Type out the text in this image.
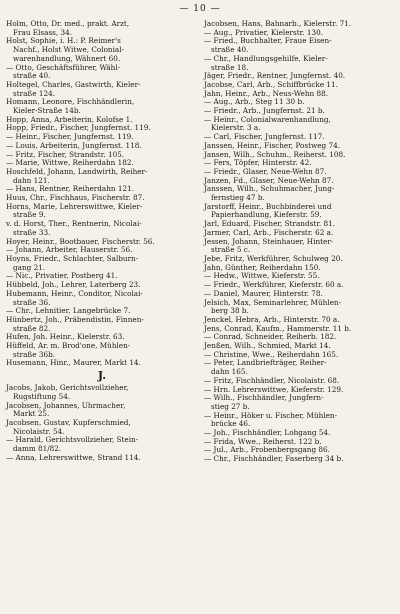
— 10 —
Holm, Otto, Dr. med., prakt. Arzt,
Frau Elsass, 34.
Holst, Sophie, i. H.: P. Reimer's
Nachf., Holst Witwe, Colonial-
warenhandlung, Wähnert 60.
— Otto, Geschäftsführer, Wähl-
straße 40.
Holtegel, Charles, Gastwirth, Kieler-
straße 124.
Homann, Leonore, Fischhändlerin,
Kieler-Straße 14b.
Hopp, Anna, Arbeiterin, Kolofse 1.
Hopp, Friedr., Fischer, Jungfernst. 119.
— Heinr., Fischer, Jungfernst. 119.
— Louis, Arbeiterin, Jungfernst. 118.
— Fritz, Fischer, Strandstr. 105.
— Marie, Wittwe, Reiherdahn 182.
Hoschfeld, Johann, Landwirth, Reiher-
dahn 121.
— Hans, Rentner, Reiherdahn 121.
Huus, Chr., Fischhaus, Fischerstr. 87.
Horns, Marie, Lehrerswittwe, Kieler-
straße 9.
v. d. Horst, Ther., Rentnerin, Nicolai-
straße 33.
Hoyer, Heinr., Bootbauer, Fischerstr. 56.
— Johann, Arbeiter, Hauserstr. 56.
Hoyns, Friedr., Schlachter, Salburn-
gang 21.
— Nic., Privatier, Postberg 41.
Hübbeld, Joh., Lehrer, Laterberg 23.
Hubemann, Heinr., Conditor, Nicolai-
straße 36.
— Chr., Lehnitier, Langebrücke 7.
Hünbertz, Joh., Präbendistin, Finnen-
straße 82.
Hufen, Joh. Heinr., Kielerstr. 63.
Hüffeld, Ar. m. Brod'one, Mühlen-
straße 36b.
Husemann, Hinr., Maurer, Markt 14.
J.
Jacobs, Jakob, Gerichtsvollzieher,
Rugstiftung 54.
Jacobsen, Johannes, Uhrmacher,
Markt 25.
Jacobsen, Gustav, Kupferschmied,
Nicolaistr. 54.
— Harald, Gerichtsvollzieher, Stein-
damm 81/82.
— Anna, Lehrerswittwe, Strand 114.
Jacobsen, Hans, Bahnarb., Kielerstr. 71.
— Aug., Privatier, Kielerstr. 130.
— Fried., Buchhalter, Fraue Eisen-
straße 40.
— Chr., Handlungsgehilfe, Kieler-
straße 18.
Jäger, Friedr., Rentner, Jungfernst. 40.
Jacobse, Carl, Arb., Schiffbrücke 11.
Jahn, Heinr., Arb., Neus-Wehn 88.
— Aug., Arb., Steg 11 30 b.
— Friedr., Arb., Jungfernst. 21 b.
— Heinr., Colonialwarenhandlung,
Kielerstr. 3 a.
— Carl, Fischer, Jungfernst. 117.
Janssen, Heinr., Fischer, Postweg 74.
Jansen, Wilh., Schuhm., Reiherst. 108.
— Fers, Töpfer, Hinterstr. 42.
— Friedr., Glaser, Neue-Wehn 87.
Janzen, Fd., Glaser, Neue-Wehn 87.
Janssen, Wilh., Schuhmacher, Jung-
fernstieg 47 b.
Jarstorff, Heinr., Buchbinderei und
Papierhandlung, Kieferstr. 59.
Jarl, Eduard, Fischer, Strandstr. 81.
Jarmer, Carl, Arb., Fischerstr. 62 a.
Jessen, Johann, Steinhauer, Hinter-
straße 5 c.
Jebe, Fritz, Werkführer, Schulweg 20.
Jahn, Günther, Reiherdahn 150.
— Hedw., Wittwe, Kieferstr. 55.
— Friedr., Werkführer, Kieferstr. 60 a.
— Daniel, Maurer, Hinterstr. 78.
Jelsich, Max, Seminarlehrer, Mühlen-
berg 38 b.
Jenckel, Hebra, Arb., Hinterstr. 70 a.
Jens, Conrad, Kaufm., Hammerstr. 11 b.
— Conrad, Schneider, Reiherb. 182.
Jenßen, Wilh., Schmied, Markt 14.
— Christine, Wwe., Reiherdahn 165.
— Peter, Landbriefträger, Reiher-
dahn 165.
— Fritz, Fischhändler, Nicolaistr. 68.
— Hrn. Lehrerswittwe, Kieferstr. 129.
— Wilh., Fischhändler, Jungfern-
stieg 27 b.
— Heinr., Höker u. Fischer, Mühlen-
brücke 46.
— Joh., Fischhändler, Lohgang 54.
— Frida, Wwe., Reiherst. 122 b.
— Jul., Arb., Frobenbergsgang 86.
— Chr., Fischhändler, Faserberg 34 b.
